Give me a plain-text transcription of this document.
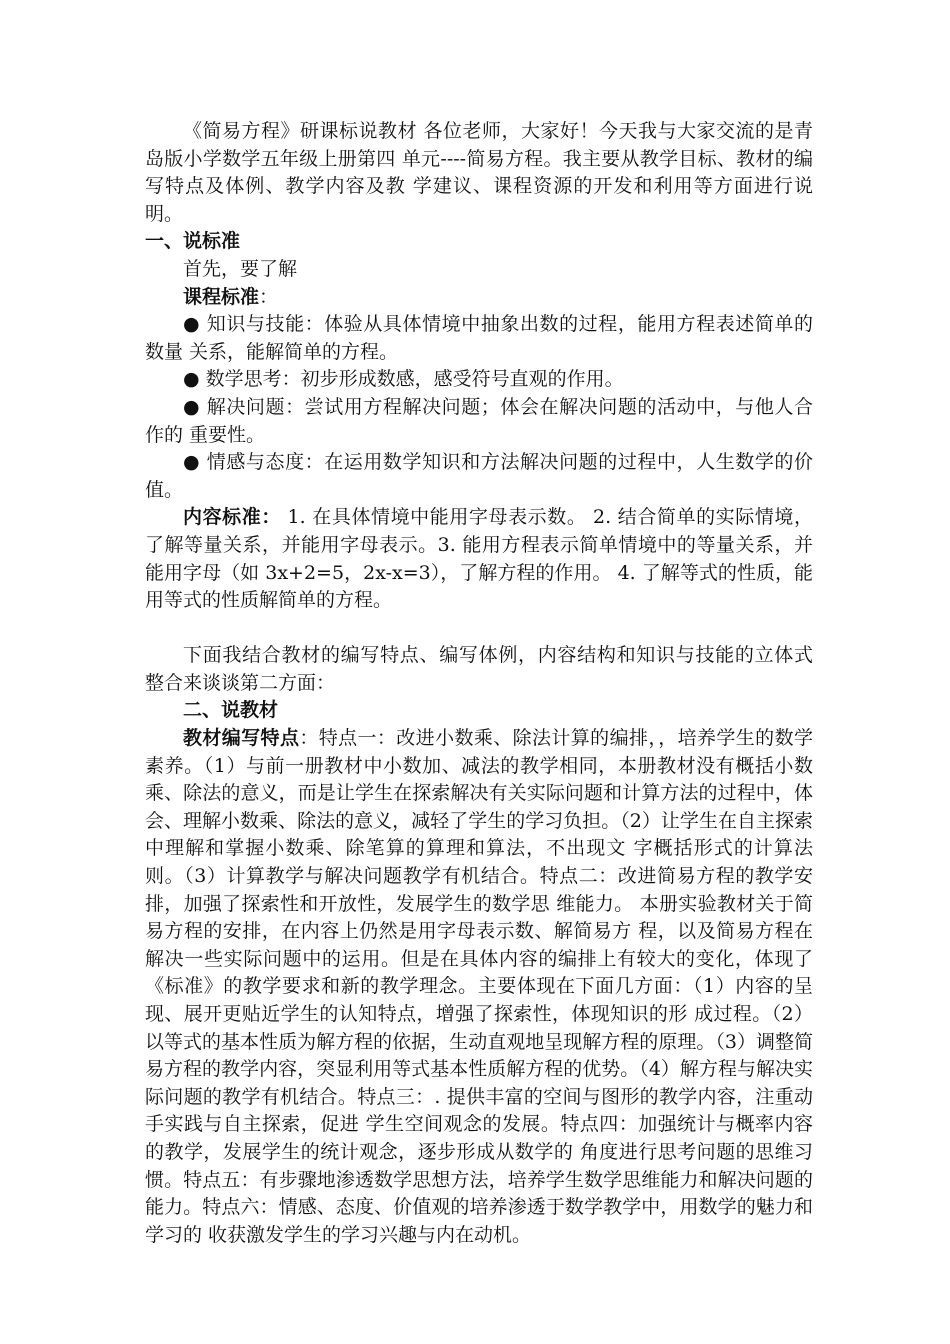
《简易方程》研课标说教材 各位老师，大家好！今天我与大家交流的是青岛版小学数学五年级上册第四 单元----简易方程。我主要从教学目标、教材的编写特点及体例、教学内容及教 学建议、课程资源的开发和利用等方面进行说明。

一、说标准

首先，要了解

课程标准：

● 知识与技能：体验从具体情境中抽象出数的过程，能用方程表述简单的数量 关系，能解简单的方程。

● 数学思考：初步形成数感，感受符号直观的作用。

● 解决问题：尝试用方程解决问题；体会在解决问题的活动中，与他人合作的 重要性。

● 情感与态度：在运用数学知识和方法解决问题的过程中，人生数学的价值。

内容标准： 1. 在具体情境中能用字母表示数。 2. 结合简单的实际情境，了解等量关系，并能用字母表示。3. 能用方程表示简单情境中的等量关系，并能用字母（如 3x+2=5，2x-x=3），了解方程的作用。 4. 了解等式的性质，能用等式的性质解简单的方程。

下面我结合教材的编写特点、编写体例，内容结构和知识与技能的立体式 整合来谈谈第二方面：

二、说教材

教材编写特点：特点一：改进小数乘、除法计算的编排，，培养学生的数学素养。（1）与前一册教材中小数加、减法的教学相同，本册教材没有概括小数乘、除法的意义，而是让学生在探索解决有关实际问题和计算方法的过程中，体会、理解小数乘、除法的意义，减轻了学生的学习负担。（2）让学生在自主探索中理解和掌握小数乘、除笔算的算理和算法，不出现文 字概括形式的计算法则。（3）计算教学与解决问题教学有机结合。特点二：改进简易方程的教学安排，加强了探索性和开放性，发展学生的数学思 维能力。 本册实验教材关于简易方程的安排，在内容上仍然是用字母表示数、解简易方 程，以及简易方程在解决一些实际问题中的运用。但是在具体内容的编排上有较大的变化，体现了《标准》的教学要求和新的教学理念。主要体现在下面几方面：（1）内容的呈现、展开更贴近学生的认知特点，增强了探索性，体现知识的形 成过程。（2）以等式的基本性质为解方程的依据，生动直观地呈现解方程的原理。（3）调整简易方程的教学内容，突显利用等式基本性质解方程的优势。（4）解方程与解决实际问题的教学有机结合。特点三：. 提供丰富的空间与图形的教学内容，注重动手实践与自主探索，促进 学生空间观念的发展。特点四：加强统计与概率内容的教学，发展学生的统计观念，逐步形成从数学的 角度进行思考问题的思维习惯。特点五：有步骤地渗透数学思想方法，培养学生数学思维能力和解决问题的能力。特点六：情感、态度、价值观的培养渗透于数学教学中，用数学的魅力和学习的 收获激发学生的学习兴趣与内在动机。
